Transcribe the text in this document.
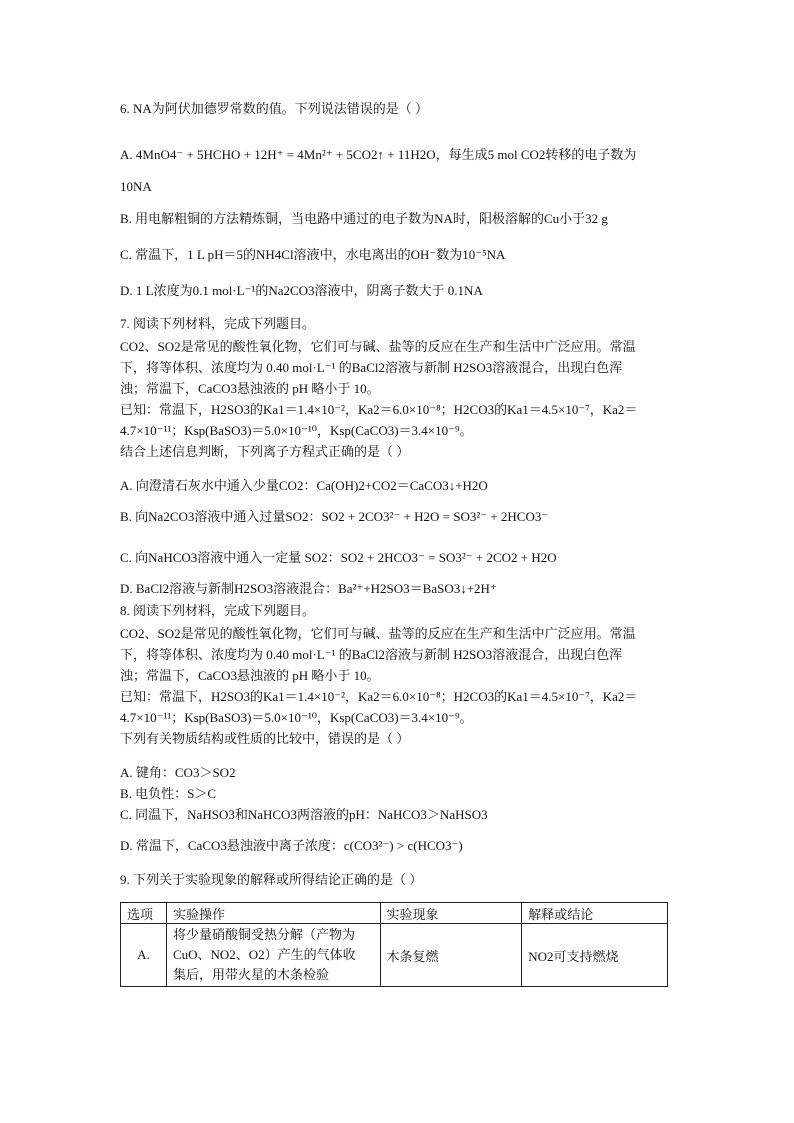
6. NA为阿伏加德罗常数的值。下列说法错误的是（ ）
A. 4MnO4⁻ + 5HCHO + 12H⁺ = 4Mn²⁺ + 5CO2↑ + 11H2O，每生成5 mol CO2转移的电子数为
10NA
B. 用电解粗铜的方法精炼铜，当电路中通过的电子数为NA时，阳极溶解的Cu小于32 g
C. 常温下，1 L pH＝5的NH4Cl溶液中，水电离出的OH⁻数为10⁻⁵NA
D. 1 L浓度为0.1 mol·L⁻¹的Na2CO3溶液中，阴离子数大于 0.1NA
7. 阅读下列材料，完成下列题目。
CO2、SO2是常见的酸性氧化物，它们可与碱、盐等的反应在生产和生活中广泛应用。常温
下，将等体积、浓度均为 0.40 mol·L⁻¹ 的BaCl2溶液与新制 H2SO3溶液混合，出现白色浑
浊；常温下，CaCO3悬浊液的 pH 略小于 10。
已知：常温下，H2SO3的Ka1＝1.4×10⁻²，Ka2＝6.0×10⁻⁸；H2CO3的Ka1＝4.5×10⁻⁷，Ka2＝
4.7×10⁻¹¹；Ksp(BaSO3)＝5.0×10⁻¹⁰，Ksp(CaCO3)＝3.4×10⁻⁹。
结合上述信息判断，下列离子方程式正确的是（ ）
A. 向澄清石灰水中通入少量CO2：Ca(OH)2+CO2＝CaCO3↓+H2O
B. 向Na2CO3溶液中通入过量SO2：SO2 + 2CO3²⁻ + H2O = SO3²⁻ + 2HCO3⁻
C. 向NaHCO3溶液中通入一定量 SO2：SO2 + 2HCO3⁻ = SO3²⁻ + 2CO2 + H2O
D. BaCl2溶液与新制H2SO3溶液混合：Ba²⁺+H2SO3＝BaSO3↓+2H⁺
8. 阅读下列材料，完成下列题目。
CO2、SO2是常见的酸性氧化物，它们可与碱、盐等的反应在生产和生活中广泛应用。常温
下，将等体积、浓度均为 0.40 mol·L⁻¹ 的BaCl2溶液与新制 H2SO3溶液混合，出现白色浑
浊；常温下，CaCO3悬浊液的 pH 略小于 10。
已知：常温下，H2SO3的Ka1＝1.4×10⁻²，Ka2＝6.0×10⁻⁸；H2CO3的Ka1＝4.5×10⁻⁷，Ka2＝
4.7×10⁻¹¹；Ksp(BaSO3)＝5.0×10⁻¹⁰，Ksp(CaCO3)＝3.4×10⁻⁹。
下列有关物质结构或性质的比较中，错误的是（ ）
A. 键角：CO3＞SO2
B. 电负性：S＞C
C. 同温下，NaHSO3和NaHCO3两溶液的pH：NaHCO3＞NaHSO3
D. 常温下，CaCO3悬浊液中离子浓度：c(CO3²⁻) > c(HCO3⁻)
9. 下列关于实验现象的解释或所得结论正确的是（ ）
选项	实验操作	实验现象	解释或结论
A.	将少量硝酸铜受热分解（产物为
CuO、NO2、O2）产生的气体收
集后，用带火星的木条检验	木条复燃	NO2可支持燃烧
